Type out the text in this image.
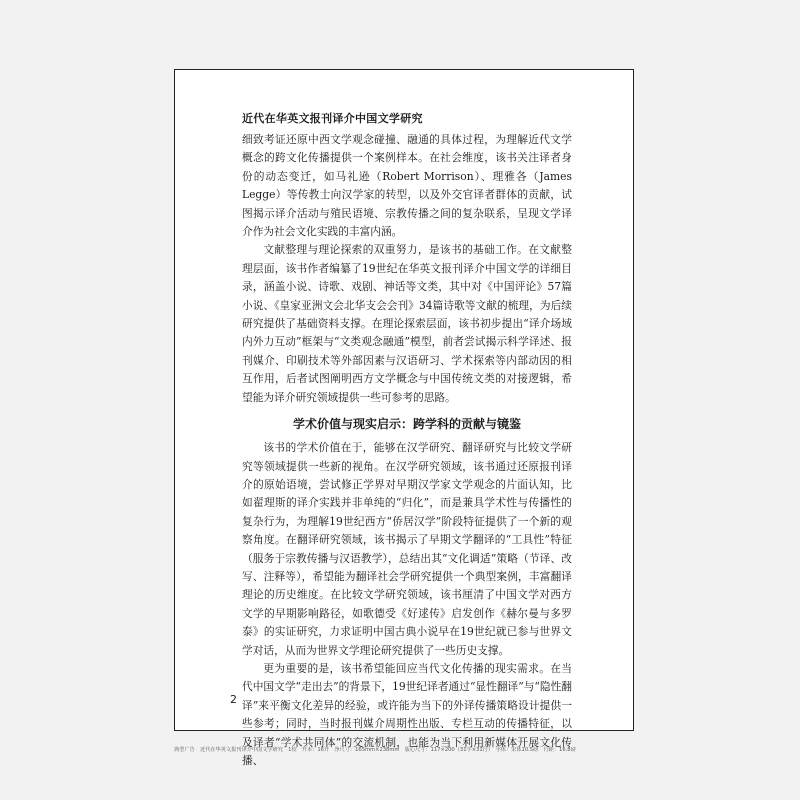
近代在华英文报刊译介中国文学研究

细致考证还原中西文学观念碰撞、融通的具体过程，为理解近代文学概念的跨文化传播提供一个案例样本。在社会维度，该书关注译者身份的动态变迁，如马礼逊（Robert Morrison）、理雅各（James Legge）等传教士向汉学家的转型，以及外交官译者群体的贡献，试图揭示译介活动与殖民语境、宗教传播之间的复杂联系，呈现文学译介作为社会文化实践的丰富内涵。

文献整理与理论探索的双重努力，是该书的基础工作。在文献整理层面，该书作者编纂了19世纪在华英文报刊译介中国文学的详细目录，涵盖小说、诗歌、戏剧、神话等文类，其中对《中国评论》57篇小说、《皇家亚洲文会北华支会会刊》34篇诗歌等文献的梳理，为后续研究提供了基础资料支撑。在理论探索层面，该书初步提出“译介场域内外力互动”框架与“文类观念融通”模型，前者尝试揭示科学译述、报刊媒介、印刷技术等外部因素与汉语研习、学术探索等内部动因的相互作用，后者试图阐明西方文学概念与中国传统文类的对接逻辑，希望能为译介研究领域提供一些可参考的思路。

学术价值与现实启示：跨学科的贡献与镜鉴

该书的学术价值在于，能够在汉学研究、翻译研究与比较文学研究等领域提供一些新的视角。在汉学研究领域，该书通过还原报刊译介的原始语境，尝试修正学界对早期汉学家文学观念的片面认知，比如翟理斯的译介实践并非单纯的“归化”，而是兼具学术性与传播性的复杂行为，为理解19世纪西方“侨居汉学”阶段特征提供了一个新的观察角度。在翻译研究领域，该书揭示了早期文学翻译的“工具性”特征（服务于宗教传播与汉语教学），总结出其“文化调适”策略（节译、改写、注释等），希望能为翻译社会学研究提供一个典型案例，丰富翻译理论的历史维度。在比较文学研究领域，该书厘清了中国文学对西方文学的早期影响路径，如歌德受《好逑传》启发创作《赫尔曼与多罗泰》的实证研究，力求证明中国古典小说早在19世纪就已参与世界文学对话，从而为世界文学理论研究提供了一些历史支撑。

更为重要的是，该书希望能回应当代文化传播的现实需求。在当代中国文学“走出去”的背景下，19世纪译者通过“显性翻译”与“隐性翻译”来平衡文化差异的经验，或许能为当下的外译传播策略设计提供一些参考；同时，当时报刊媒介周期性出版、专栏互动的传播特征，以及译者“学术共同体”的交流机制，也能为当下利用新媒体开展文化传播、

2
典型广告　近代在华英文报刊译介中国文学研究　1校　开本：16开　净尺寸：165mm×238mm　版心尺寸：117×200（31字×31行）　字体：宋体10.5磅　行距：16.8磅
